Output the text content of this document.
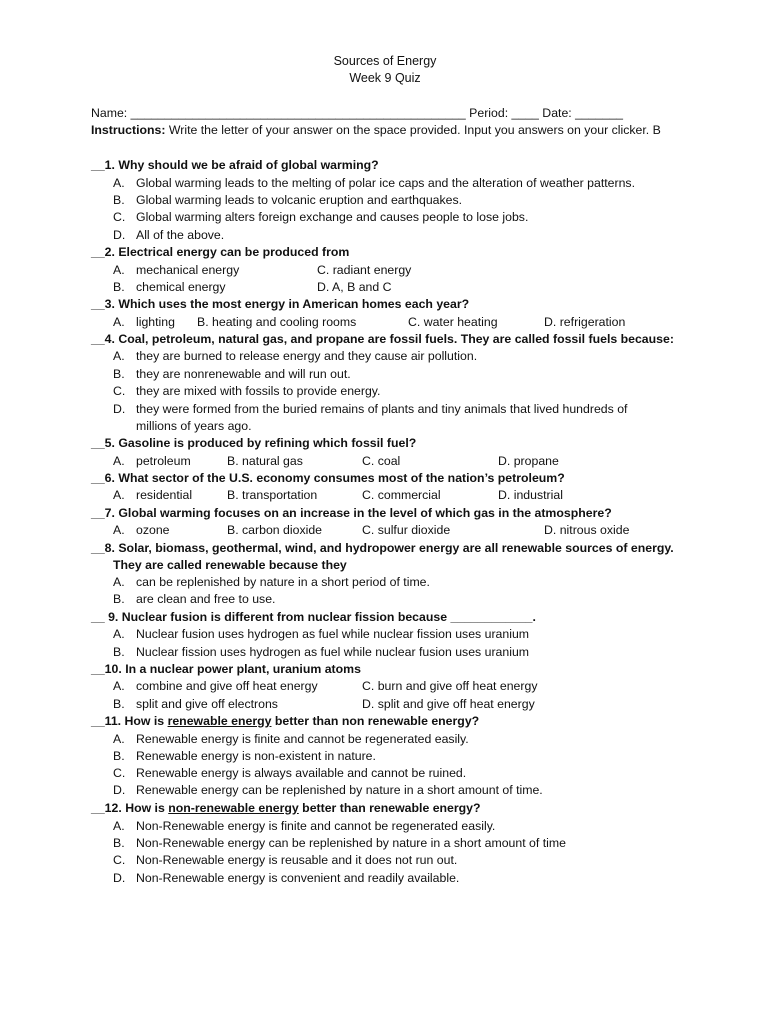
Sources of Energy
Week 9 Quiz
Name: _________________________________________________ Period: ____ Date: _______
Instructions: Write the letter of your answer on the space provided. Input you answers on your clicker. B
__1. Why should we be afraid of global warming?
A. Global warming leads to the melting of polar ice caps and the alteration of weather patterns.
B. Global warming leads to volcanic eruption and earthquakes.
C. Global warming alters foreign exchange and causes people to lose jobs.
D. All of the above.
__2. Electrical energy can be produced from
A. mechanical energy	C. radiant energy
B. chemical energy	D. A, B and C
__3. Which uses the most energy in American homes each year?
A. lighting B. heating and cooling rooms	C. water heating	D. refrigeration
__4. Coal, petroleum, natural gas, and propane are fossil fuels. They are called fossil fuels because:
A. they are burned to release energy and they cause air pollution.
B. they are nonrenewable and will run out.
C. they are mixed with fossils to provide energy.
D. they were formed from the buried remains of plants and tiny animals that lived hundreds of
millions of years ago.
__5. Gasoline is produced by refining which fossil fuel?
A. petroleum	B. natural gas	C. coal	D. propane
__6. What sector of the U.S. economy consumes most of the nation’s petroleum?
A. residential	B. transportation	C. commercial	D. industrial
__7. Global warming focuses on an increase in the level of which gas in the atmosphere?
A. ozone	B. carbon dioxide	C. sulfur dioxide	D. nitrous oxide
__8. Solar, biomass, geothermal, wind, and hydropower energy are all renewable sources of energy.
They are called renewable because they
A. can be replenished by nature in a short period of time.
B. are clean and free to use.
__ 9. Nuclear fusion is different from nuclear fission because ____________.
A. Nuclear fusion uses hydrogen as fuel while nuclear fission uses uranium
B. Nuclear fission uses hydrogen as fuel while nuclear fusion uses uranium
__10. In a nuclear power plant, uranium atoms
A. combine and give off heat energy	C. burn and give off heat energy
B. split and give off electrons	D. split and give off heat energy
__11. How is renewable energy better than non renewable energy?
A. Renewable energy is finite and cannot be regenerated easily.
B. Renewable energy is non-existent in nature.
C. Renewable energy is always available and cannot be ruined.
D. Renewable energy can be replenished by nature in a short amount of time.
__12. How is non-renewable energy better than renewable energy?
A. Non-Renewable energy is finite and cannot be regenerated easily.
B. Non-Renewable energy can be replenished by nature in a short amount of time
C. Non-Renewable energy is reusable and it does not run out.
D. Non-Renewable energy is convenient and readily available.
